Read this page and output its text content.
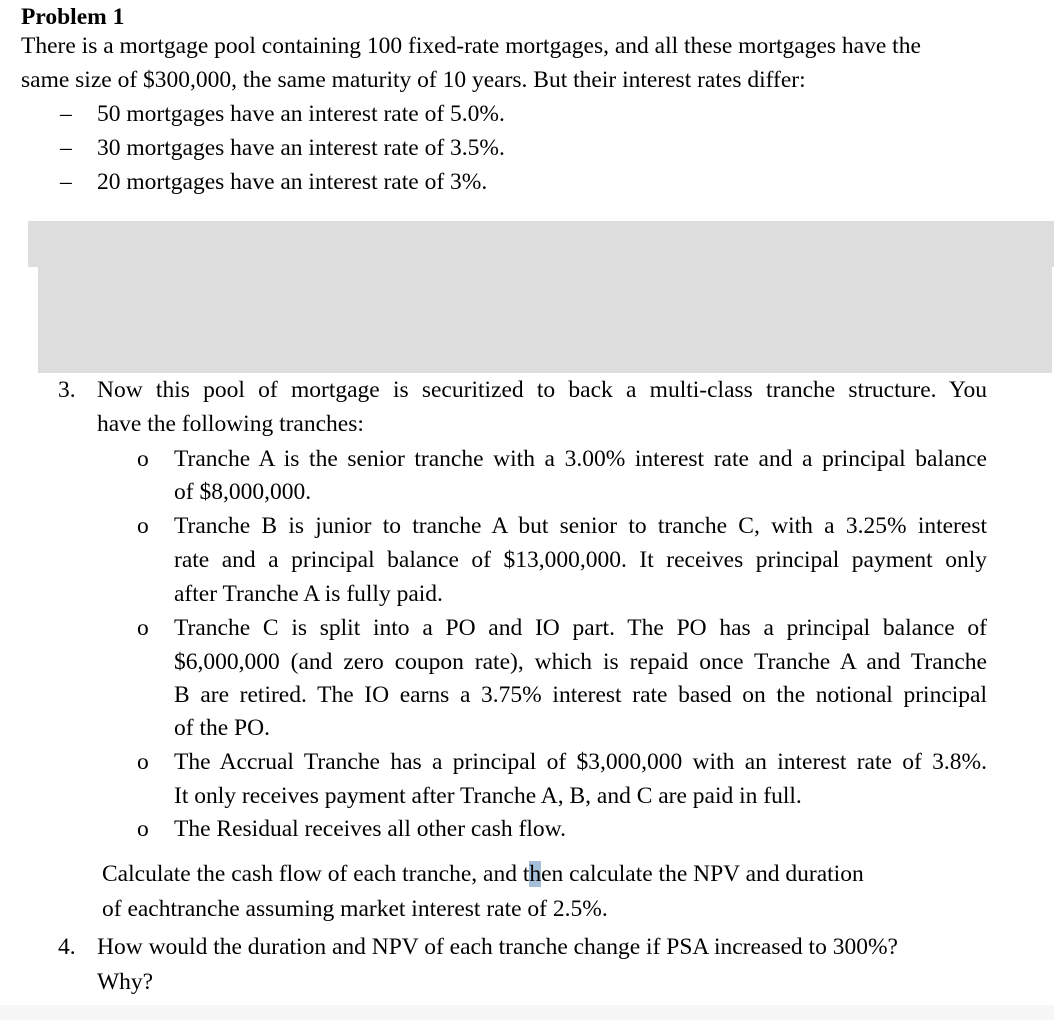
Problem 1
There is a mortgage pool containing 100 fixed-rate mortgages, and all these mortgages have the
same size of $300,000, the same maturity of 10 years. But their interest rates differ:
– 50 mortgages have an interest rate of 5.0%.
– 30 mortgages have an interest rate of 3.5%.
– 20 mortgages have an interest rate of 3%.
3. Now this pool of mortgage is securitized to back a multi-class tranche structure. You
have the following tranches:
o Tranche A is the senior tranche with a 3.00% interest rate and a principal balance
of $8,000,000.
o Tranche B is junior to tranche A but senior to tranche C, with a 3.25% interest
rate and a principal balance of $13,000,000. It receives principal payment only
after Tranche A is fully paid.
o Tranche C is split into a PO and IO part. The PO has a principal balance of
$6,000,000 (and zero coupon rate), which is repaid once Tranche A and Tranche
B are retired. The IO earns a 3.75% interest rate based on the notional principal
of the PO.
o The Accrual Tranche has a principal of $3,000,000 with an interest rate of 3.8%.
It only receives payment after Tranche A, B, and C are paid in full.
o The Residual receives all other cash flow.
Calculate the cash flow of each tranche, and then calculate the NPV and duration
of eachtranche assuming market interest rate of 2.5%.
4. How would the duration and NPV of each tranche change if PSA increased to 300%?
Why?
